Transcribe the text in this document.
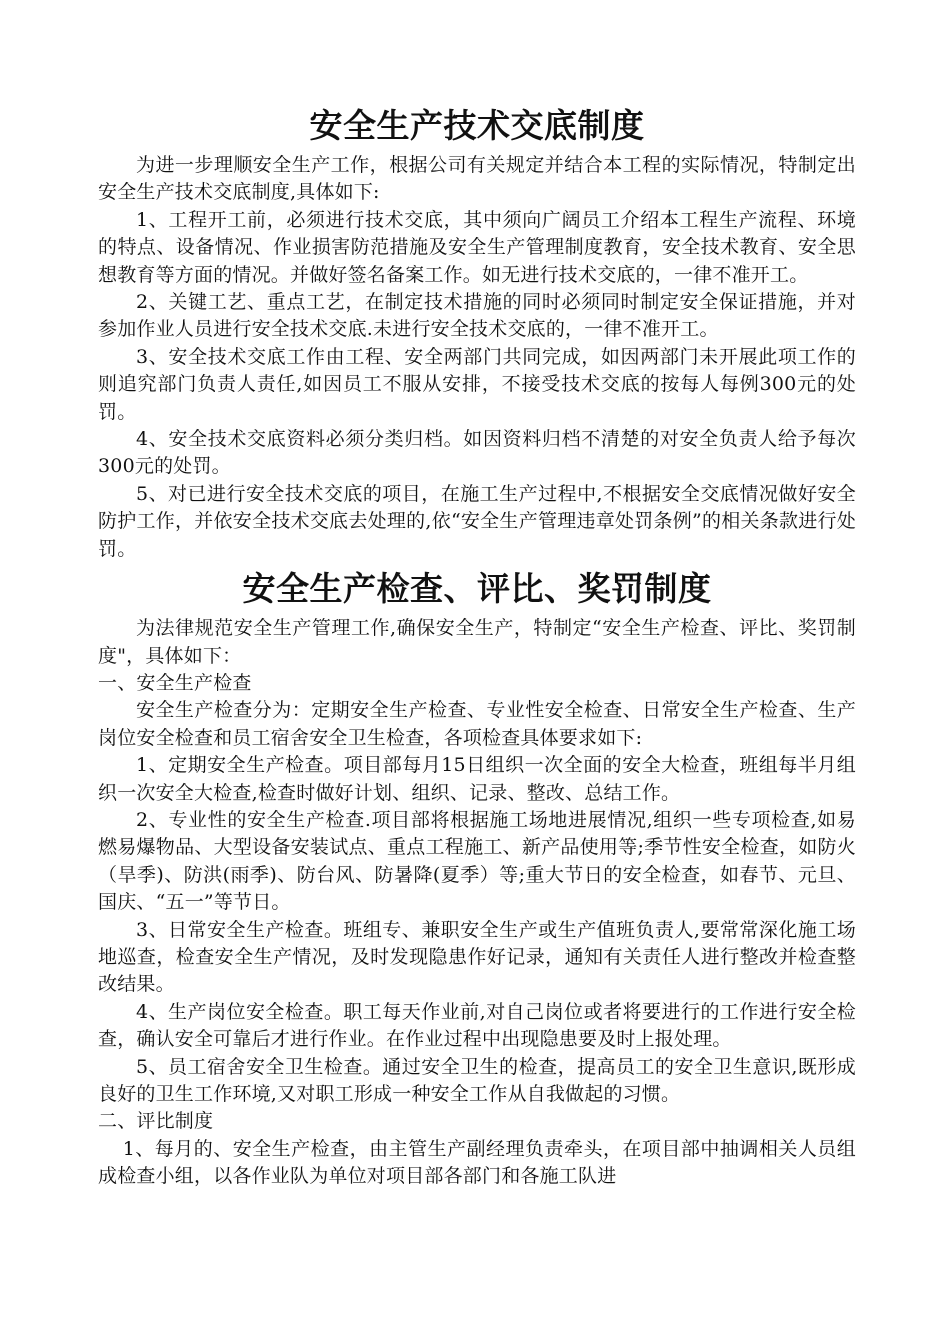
安全生产技术交底制度

为进一步理顺安全生产工作，根据公司有关规定并结合本工程的实际情况，特制定出安全生产技术交底制度,具体如下:

1、工程开工前，必须进行技术交底，其中须向广阔员工介绍本工程生产流程、环境的特点、设备情况、作业损害防范措施及安全生产管理制度教育，安全技术教育、安全思想教育等方面的情况。并做好签名备案工作。如无进行技术交底的，一律不准开工。

2、关键工艺、重点工艺，在制定技术措施的同时必须同时制定安全保证措施，并对参加作业人员进行安全技术交底.未进行安全技术交底的，一律不准开工。

3、安全技术交底工作由工程、安全两部门共同完成，如因两部门未开展此项工作的则追究部门负责人责任,如因员工不服从安排，不接受技术交底的按每人每例300元的处罚。

4、安全技术交底资料必须分类归档。如因资料归档不清楚的对安全负责人给予每次300元的处罚。

5、对已进行安全技术交底的项目，在施工生产过程中,不根据安全交底情况做好安全防护工作，并依安全技术交底去处理的,依“安全生产管理违章处罚条例”的相关条款进行处罚。

安全生产检查、评比、奖罚制度

为法律规范安全生产管理工作,确保安全生产，特制定“安全生产检查、评比、奖罚制度"，具体如下：

一、安全生产检查

安全生产检查分为：定期安全生产检查、专业性安全检查、日常安全生产检查、生产岗位安全检查和员工宿舍安全卫生检查，各项检查具体要求如下:

1、定期安全生产检查。项目部每月15日组织一次全面的安全大检查，班组每半月组织一次安全大检查,检查时做好计划、组织、记录、整改、总结工作。

2、专业性的安全生产检查.项目部将根据施工场地进展情况,组织一些专项检查,如易燃易爆物品、大型设备安装试点、重点工程施工、新产品使用等;季节性安全检查，如防火（旱季)、防洪(雨季)、防台风、防暑降(夏季）等;重大节日的安全检查，如春节、元旦、国庆、“五一”等节日。

3、日常安全生产检查。班组专、兼职安全生产或生产值班负责人,要常常深化施工场地巡查，检查安全生产情况，及时发现隐患作好记录，通知有关责任人进行整改并检查整改结果。

4、生产岗位安全检查。职工每天作业前,对自己岗位或者将要进行的工作进行安全检查，确认安全可靠后才进行作业。在作业过程中出现隐患要及时上报处理。

5、员工宿舍安全卫生检查。通过安全卫生的检查，提高员工的安全卫生意识,既形成良好的卫生工作环境,又对职工形成一种安全工作从自我做起的习惯。

二、评比制度

1、每月的、安全生产检查，由主管生产副经理负责牵头，在项目部中抽调相关人员组成检查小组，以各作业队为单位对项目部各部门和各施工队进
